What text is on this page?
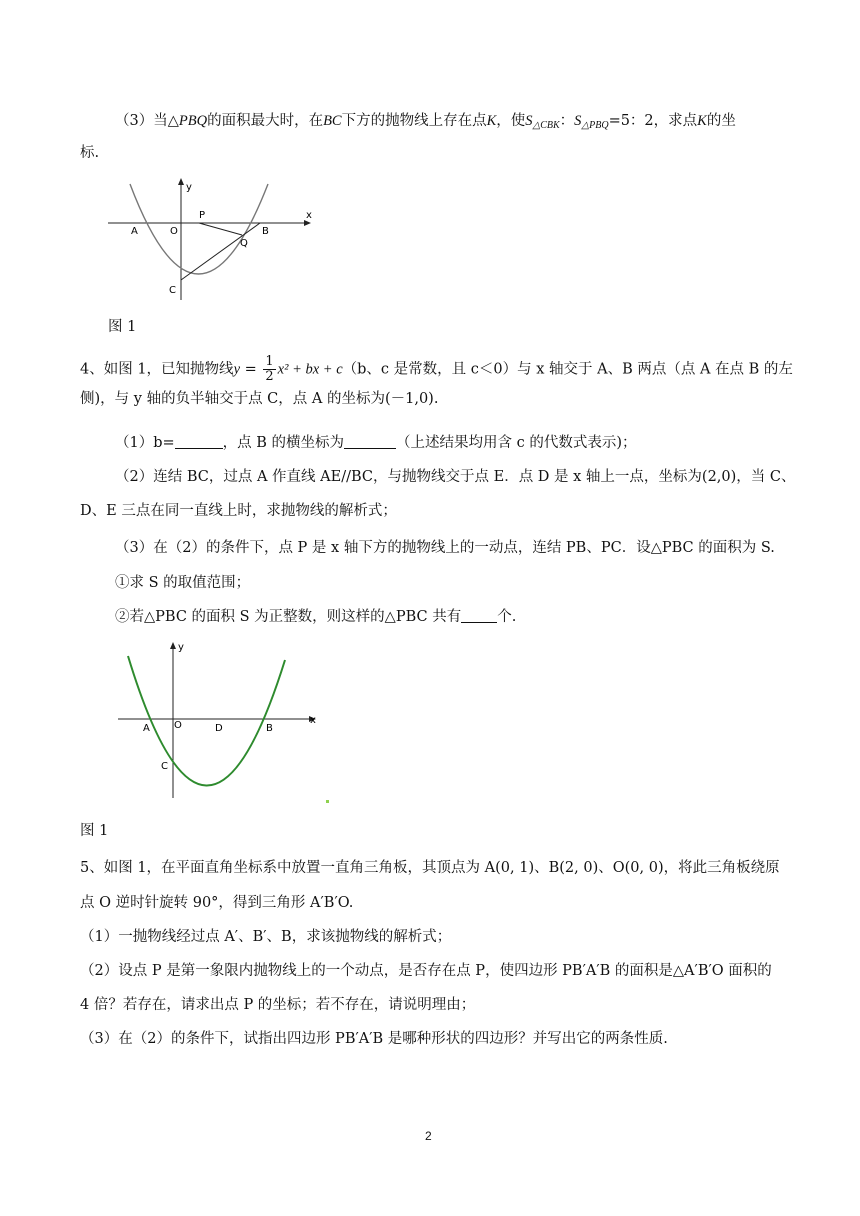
（3）当△PBQ的面积最大时，在BC下方的抛物线上存在点K，使$S_{\triangle CBK}$：$S_{\triangle PBQ}=5$：2，求点K的坐
标.
y
x
A	O
P
B
Q
C
图 1
4、如图 1，已知抛物线$y = \frac{1}{2} x^2$ + bx + c（b、c 是常数，且 c＜0）与 x 轴交于 A、B 两点（点 A 在点 B 的左
侧)，与 y 轴的负半轴交于点 C，点 A 的坐标为(－1,0).
（1）b=	，点 B 的横坐标为	（上述结果均用含 c 的代数式表示)；
（2）连结 BC，过点 A 作直线 AE//BC，与抛物线交于点 E．点 D 是 x 轴上一点，坐标为(2,0)，当 C、
D、E 三点在同一直线上时，求抛物线的解析式；
（3）在（2）的条件下，点 P 是 x 轴下方的抛物线上的一动点，连结 PB、PC．设△PBC 的面积为 S.
①求 S 的取值范围；
②若△PBC 的面积 S 为正整数，则这样的△PBC 共有 个.
y
x
A O	D	B
C
图 1
5、如图 1，在平面直角坐标系中放置一直角三角板，其顶点为 A(0, 1)、B(2, 0)、O(0, 0)，将此三角板绕原
点 O 逆时针旋转 90°，得到三角形 A′B′O.
（1）一抛物线经过点 A′、B′、B，求该抛物线的解析式；
（2）设点 P 是第一象限内抛物线上的一个动点，是否存在点 P，使四边形 PB′A′B 的面积是△A′B′O 面积的
4 倍？若存在，请求出点 P 的坐标；若不存在，请说明理由；
（3）在（2）的条件下，试指出四边形 PB′A′B 是哪种形状的四边形？并写出它的两条性质.
2
